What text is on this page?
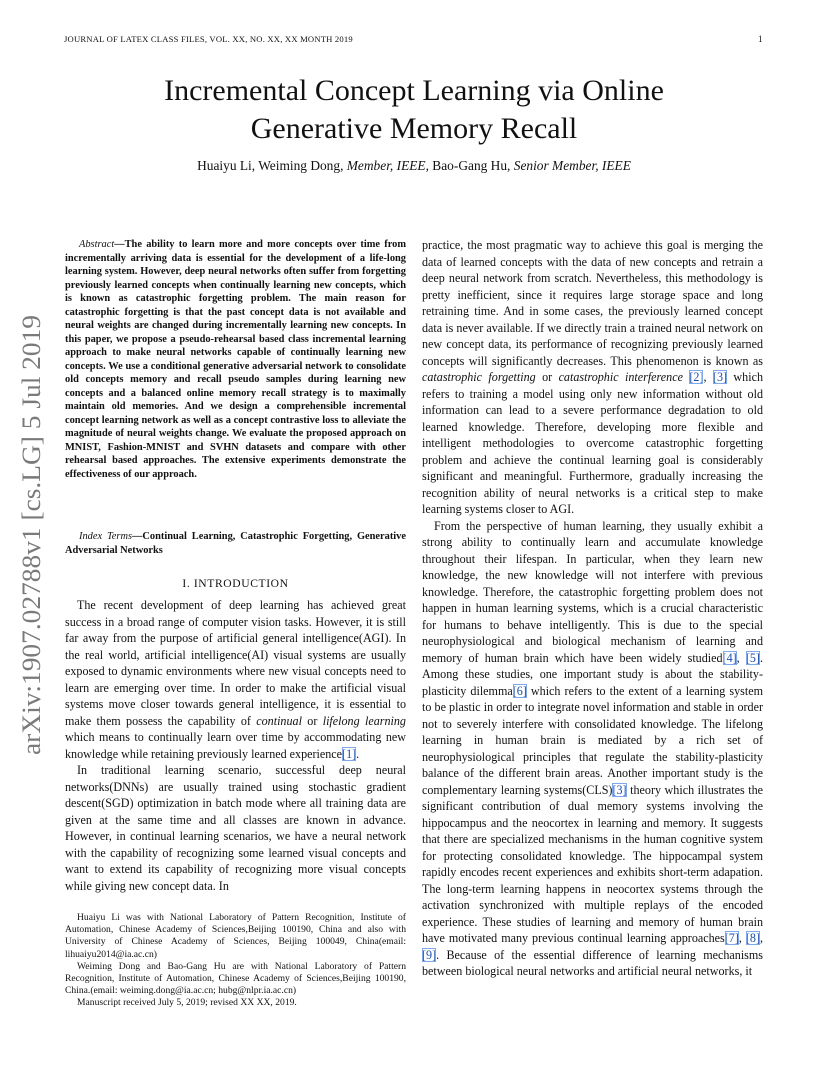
JOURNAL OF LATEX CLASS FILES, VOL. XX, NO. XX, XX MONTH 2019	1
arXiv:1907.02788v1 [cs.LG] 5 Jul 2019
Incremental Concept Learning via Online
Generative Memory Recall
Huaiyu Li, Weiming Dong, Member, IEEE, Bao-Gang Hu, Senior Member, IEEE
Abstract—The ability to learn more and more concepts over time from incrementally arriving data is essential for the development of a life-long learning system. However, deep neural networks often suffer from forgetting previously learned concepts when continually learning new concepts, which is known as catastrophic forgetting problem. The main reason for catastrophic forgetting is that the past concept data is not available and neural weights are changed during incrementally learning new concepts. In this paper, we propose a pseudo-rehearsal based class incremental learning approach to make neural networks capable of continually learning new concepts. We use a conditional generative adversarial network to consolidate old concepts memory and recall pseudo samples during learning new concepts and a balanced online memory recall strategy is to maximally maintain old memories. And we design a comprehensible incremental concept learning network as well as a concept contrastive loss to alleviate the magnitude of neural weights change. We evaluate the proposed approach on MNIST, Fashion-MNIST and SVHN datasets and compare with other rehearsal based approaches. The extensive experiments demonstrate the effectiveness of our approach.
Index Terms—Continual Learning, Catastrophic Forgetting, Generative Adversarial Networks
I. INTRODUCTION

The recent development of deep learning has achieved great success in a broad range of computer vision tasks. However, it is still far away from the purpose of artificial general intelligence(AGI). In the real world, artificial intelligence(AI) visual systems are usually exposed to dynamic environments where new visual concepts need to learn are emerging over time. In order to make the artificial visual systems move closer towards general intelligence, it is essential to make them possess the capability of continual or lifelong learning which means to continually learn over time by accommodating new knowledge while retaining previously learned experience[1].

In traditional learning scenario, successful deep neural networks(DNNs) are usually trained using stochastic gradient descent(SGD) optimization in batch mode where all training data are given at the same time and all classes are known in advance. However, in continual learning scenarios, we have a neural network with the capability of recognizing some learned visual concepts and want to extend its capability of recognizing more visual concepts while giving new concept data. In

Huaiyu Li was with National Laboratory of Pattern Recognition, Institute of Automation, Chinese Academy of Sciences,Beijing 100190, China and also with University of Chinese Academy of Sciences, Beijing 100049, China(email: lihuaiyu2014@ia.ac.cn)

Weiming Dong and Bao-Gang Hu are with National Laboratory of Pattern Recognition, Institute of Automation, Chinese Academy of Sciences,Beijing 100190, China.(email: weiming.dong@ia.ac.cn; hubg@nlpr.ia.ac.cn)

Manuscript received July 5, 2019; revised XX XX, 2019.

practice, the most pragmatic way to achieve this goal is merging the data of learned concepts with the data of new concepts and retrain a deep neural network from scratch. Nevertheless, this methodology is pretty inefficient, since it requires large storage space and long retraining time. And in some cases, the previously learned concept data is never available. If we directly train a trained neural network on new concept data, its performance of recognizing previously learned concepts will significantly decreases. This phenomenon is known as catastrophic forgetting or catastrophic interference [2], [3] which refers to training a model using only new information without old information can lead to a severe performance degradation to old learned knowledge. Therefore, developing more flexible and intelligent methodologies to overcome catastrophic forgetting problem and achieve the continual learning goal is considerably significant and meaningful. Furthermore, gradually increasing the recognition ability of neural networks is a critical step to make learning systems closer to AGI.

From the perspective of human learning, they usually exhibit a strong ability to continually learn and accumulate knowledge throughout their lifespan. In particular, when they learn new knowledge, the new knowledge will not interfere with previous knowledge. Therefore, the catastrophic forgetting problem does not happen in human learning systems, which is a crucial characteristic for humans to behave intelligently. This is due to the special neurophysiological and biological mechanism of learning and memory of human brain which have been widely studied[4], [5]. Among these studies, one important study is about the stability-plasticity dilemma[6] which refers to the extent of a learning system to be plastic in order to integrate novel information and stable in order not to severely interfere with consolidated knowledge. The lifelong learning in human brain is mediated by a rich set of neurophysiological principles that regulate the stability-plasticity balance of the different brain areas. Another important study is the complementary learning systems(CLS)[3] theory which illustrates the significant contribution of dual memory systems involving the hippocampus and the neocortex in learning and memory. It suggests that there are specialized mechanisms in the human cognitive system for protecting consolidated knowledge. The hippocampal system rapidly encodes recent experiences and exhibits short-term adapation. The long-term learning happens in neocortex systems through the activation synchronized with multiple replays of the encoded experience. These studies of learning and memory of human brain have motivated many previous continual learning approaches[7], [8], [9]. Because of the essential difference of learning mechanisms between biological neural networks and artificial neural networks, it
